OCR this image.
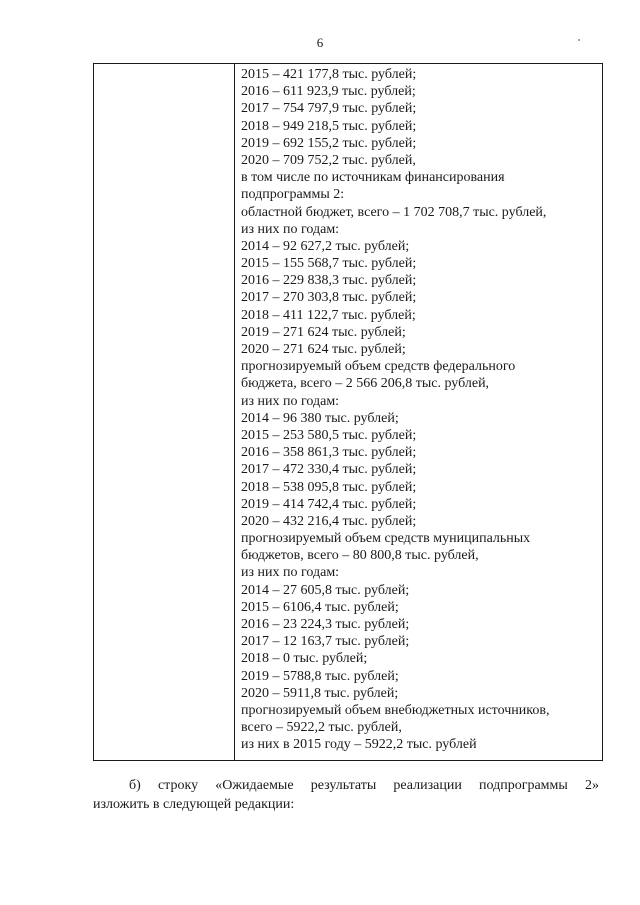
6
2015 – 421 177,8 тыс. рублей;
2016 – 611 923,9 тыс. рублей;
2017 – 754 797,9 тыс. рублей;
2018 – 949 218,5 тыс. рублей;
2019 – 692 155,2 тыс. рублей;
2020 – 709 752,2 тыс. рублей,
в том числе по источникам финансирования
подпрограммы 2:
областной бюджет, всего – 1 702 708,7 тыс. рублей,
из них по годам:
2014 – 92 627,2 тыс. рублей;
2015 – 155 568,7 тыс. рублей;
2016 – 229 838,3 тыс. рублей;
2017 – 270 303,8 тыс. рублей;
2018 – 411 122,7 тыс. рублей;
2019 – 271 624 тыс. рублей;
2020 – 271 624 тыс. рублей;
прогнозируемый объем средств федерального
бюджета, всего – 2 566 206,8 тыс. рублей,
из них по годам:
2014 – 96 380 тыс. рублей;
2015 – 253 580,5 тыс. рублей;
2016 – 358 861,3 тыс. рублей;
2017 – 472 330,4 тыс. рублей;
2018 – 538 095,8 тыс. рублей;
2019 – 414 742,4 тыс. рублей;
2020 – 432 216,4 тыс. рублей;
прогнозируемый объем средств муниципальных
бюджетов, всего – 80 800,8 тыс. рублей,
из них по годам:
2014 – 27 605,8 тыс. рублей;
2015 – 6106,4 тыс. рублей;
2016 – 23 224,3 тыс. рублей;
2017 – 12 163,7 тыс. рублей;
2018 – 0 тыс. рублей;
2019 – 5788,8 тыс. рублей;
2020 – 5911,8 тыс. рублей;
прогнозируемый объем внебюджетных источников,
всего – 5922,2 тыс. рублей,
из них в 2015 году – 5922,2 тыс. рублей
б) строку «Ожидаемые результаты реализации подпрограммы 2»
изложить в следующей редакции:
